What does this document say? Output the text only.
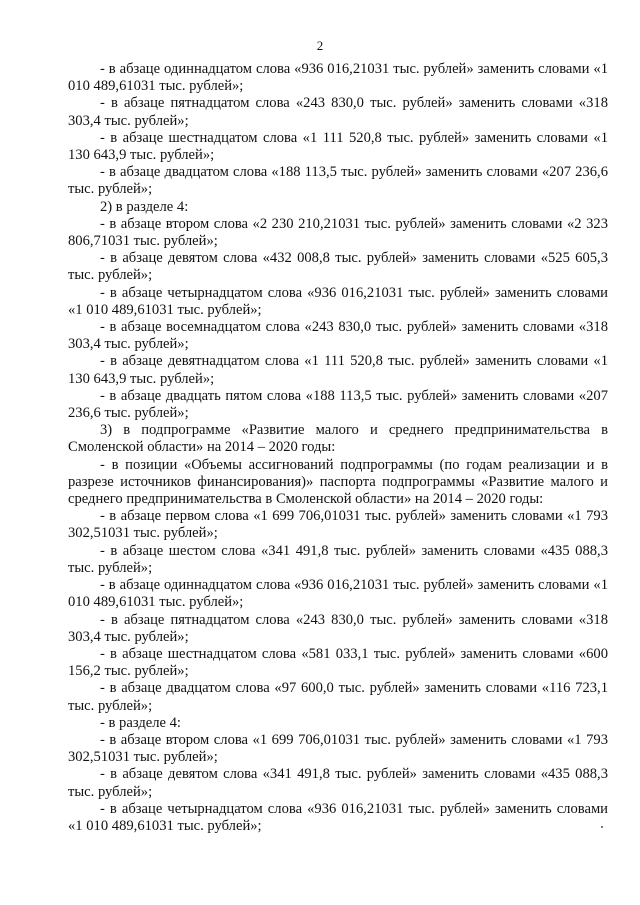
2

- в абзаце одиннадцатом слова «936 016,21031 тыс. рублей» заменить словами «1 010 489,61031 тыс. рублей»;

- в абзаце пятнадцатом слова «243 830,0 тыс. рублей» заменить словами «318 303,4 тыс. рублей»;

- в абзаце шестнадцатом слова «1 111 520,8 тыс. рублей» заменить словами «1 130 643,9 тыс. рублей»;

- в абзаце двадцатом слова «188 113,5 тыс. рублей» заменить словами «207 236,6 тыс. рублей»;

2) в разделе 4:

- в абзаце втором слова «2 230 210,21031 тыс. рублей» заменить словами «2 323 806,71031 тыс. рублей»;

- в абзаце девятом слова «432 008,8 тыс. рублей» заменить словами «525 605,3 тыс. рублей»;

- в абзаце четырнадцатом слова «936 016,21031 тыс. рублей» заменить словами «1 010 489,61031 тыс. рублей»;

- в абзаце восемнадцатом слова «243 830,0 тыс. рублей» заменить словами «318 303,4 тыс. рублей»;

- в абзаце девятнадцатом слова «1 111 520,8 тыс. рублей» заменить словами «1 130 643,9 тыс. рублей»;

- в абзаце двадцать пятом слова «188 113,5 тыс. рублей» заменить словами «207 236,6 тыс. рублей»;

3) в подпрограмме «Развитие малого и среднего предпринимательства в Смоленской области» на 2014 – 2020 годы:

- в позиции «Объемы ассигнований подпрограммы (по годам реализации и в разрезе источников финансирования)» паспорта подпрограммы «Развитие малого и среднего предпринимательства в Смоленской области» на 2014 – 2020 годы:

- в абзаце первом слова «1 699 706,01031 тыс. рублей» заменить словами «1 793 302,51031 тыс. рублей»;

- в абзаце шестом слова «341 491,8 тыс. рублей» заменить словами «435 088,3 тыс. рублей»;

- в абзаце одиннадцатом слова «936 016,21031 тыс. рублей» заменить словами «1 010 489,61031 тыс. рублей»;

- в абзаце пятнадцатом слова «243 830,0 тыс. рублей» заменить словами «318 303,4 тыс. рублей»;

- в абзаце шестнадцатом слова «581 033,1 тыс. рублей» заменить словами «600 156,2 тыс. рублей»;

- в абзаце двадцатом слова «97 600,0 тыс. рублей» заменить словами «116 723,1 тыс. рублей»;

- в разделе 4:

- в абзаце втором слова «1 699 706,01031 тыс. рублей» заменить словами «1 793 302,51031 тыс. рублей»;

- в абзаце девятом слова «341 491,8 тыс. рублей» заменить словами «435 088,3 тыс. рублей»;

- в абзаце четырнадцатом слова «936 016,21031 тыс. рублей» заменить словами «1 010 489,61031 тыс. рублей»;
